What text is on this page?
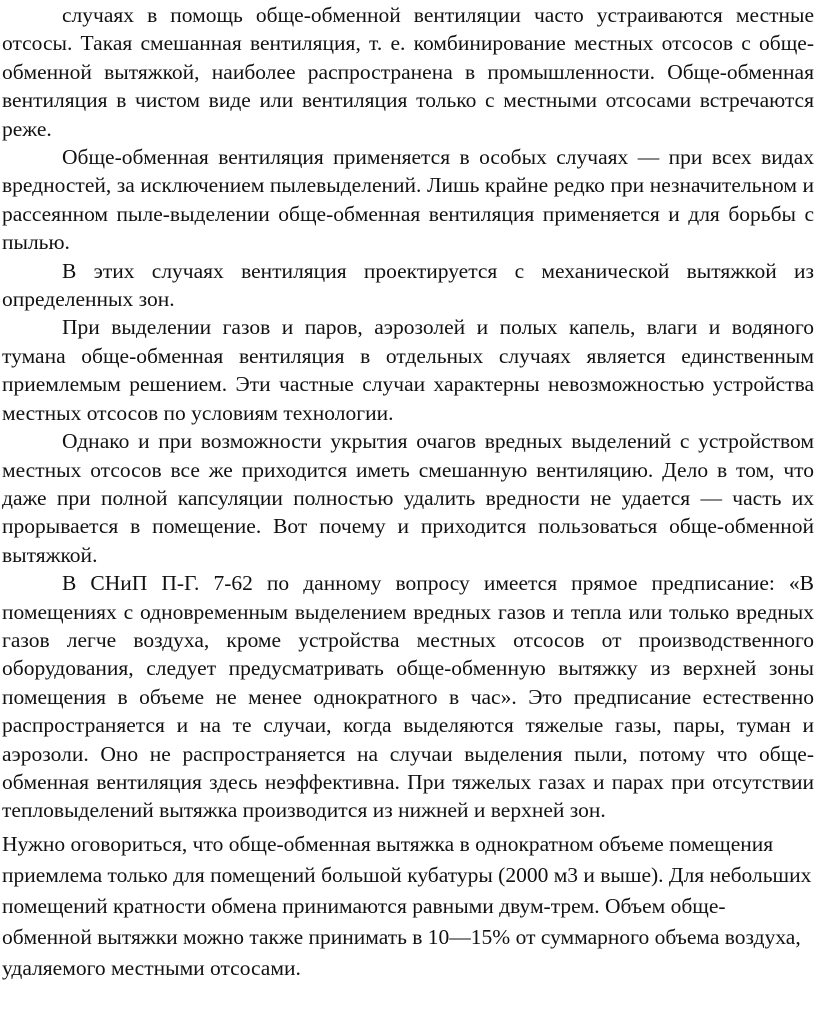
случаях в помощь обще-обменной вентиляции часто устраиваются местные отсосы. Такая смешанная вентиляция, т. е. комбинирование местных отсосов с обще-обменной вытяжкой, наиболее распространена в промышленности. Обще-обменная вентиляция в чистом виде или вентиляция только с местными отсосами встречаются реже.

Обще-обменная вентиляция применяется в особых случаях — при всех видах вредностей, за исключением пылевыделений. Лишь крайне редко при незначительном и рассеянном пыле-выделении обще-обменная вентиляция применяется и для борьбы с пылью.

В этих случаях вентиляция проектируется с механической вытяжкой из определенных зон.

При выделении газов и паров, аэрозолей и полых капель, влаги и водяного тумана обще-обменная вентиляция в отдельных случаях является единственным приемлемым решением. Эти частные случаи характерны невозможностью устройства местных отсосов по условиям технологии.

Однако и при возможности укрытия очагов вредных выделений с устройством местных отсосов все же приходится иметь смешанную вентиляцию. Дело в том, что даже при полной капсуляции полностью удалить вредности не удается — часть их прорывается в помещение. Вот почему и приходится пользоваться обще-обменной вытяжкой.

В СНиП П-Г. 7-62 по данному вопросу имеется прямое предписание: «В помещениях с одновременным выделением вредных газов и тепла или только вредных газов легче воздуха, кроме устройства местных отсосов от производственного оборудования, следует предусматривать обще-обменную вытяжку из верхней зоны помещения в объеме не менее однократного в час». Это предписание естественно распространяется и на те случаи, когда выделяются тяжелые газы, пары, туман и аэрозоли. Оно не распространяется на случаи выделения пыли, потому что обще-обменная вентиляция здесь неэффективна. При тяжелых газах и парах при отсутствии тепловыделений вытяжка производится из нижней и верхней зон.

Нужно оговориться, что обще-обменная вытяжка в однократном объеме помещения приемлема только для помещений большой кубатуры (2000 м3 и выше). Для небольших помещений кратности обмена принимаются равными двум-трем. Объем обще-обменной вытяжки можно также принимать в 10—15% от суммарного объема воздуха, удаляемого местными отсосами.
